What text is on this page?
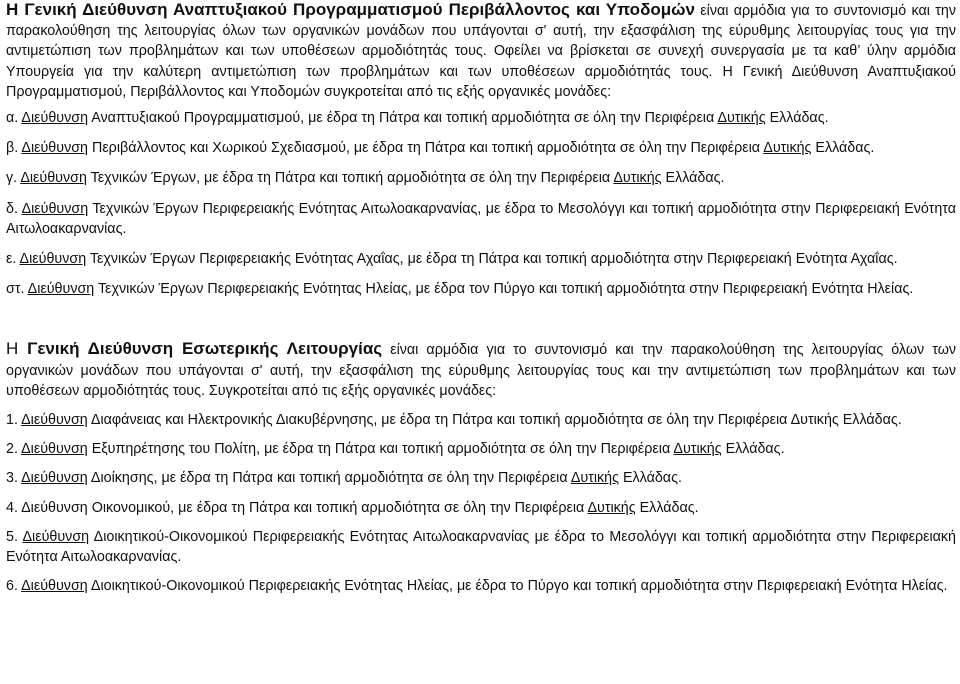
Η Γενική Διεύθυνση Αναπτυξιακού Προγραμματισμού Περιβάλλοντος και Υποδομών είναι αρμόδια για το συντονισμό και την παρακολούθηση της λειτουργίας όλων των οργανικών μονάδων που υπάγονται σ' αυτή, την εξασφάλιση της εύρυθμης λειτουργίας τους για την αντιμετώπιση των προβλημάτων και των υποθέσεων αρμοδιότητάς τους. Οφείλει να βρίσκεται σε συνεχή συνεργασία με τα καθ’ ύλην αρμόδια Υπουργεία για την καλύτερη αντιμετώπιση των προβλημάτων και των υποθέσεων αρμοδιότητάς τους. Η Γενική Διεύθυνση Αναπτυξιακού Προγραμματισμού, Περιβάλλοντος και Υποδομών συγκροτείται από τις εξής οργανικές μονάδες:

α. Διεύθυνση Αναπτυξιακού Προγραμματισμού, με έδρα τη Πάτρα και τοπική αρμοδιότητα σε όλη την Περιφέρεια Δυτικής Ελλάδας.

β. Διεύθυνση Περιβάλλοντος και Χωρικού Σχεδιασμού, με έδρα τη Πάτρα και τοπική αρμοδιότητα σε όλη την Περιφέρεια Δυτικής Ελλάδας.

γ. Διεύθυνση Τεχνικών Έργων, με έδρα τη Πάτρα και τοπική αρμοδιότητα σε όλη την Περιφέρεια Δυτικής Ελλάδας.

δ. Διεύθυνση Τεχνικών Έργων Περιφερειακής Ενότητας Αιτωλοακαρνανίας, με έδρα το Μεσολόγγι και τοπική αρμοδιότητα στην Περιφερειακή Ενότητα Αιτωλοακαρνανίας.

ε. Διεύθυνση Τεχνικών Έργων Περιφερειακής Ενότητας Αχαΐας, με έδρα τη Πάτρα και τοπική αρμοδιότητα στην Περιφερειακή Ενότητα Αχαΐας.

στ. Διεύθυνση Τεχνικών Έργων Περιφερειακής Ενότητας Ηλείας, με έδρα τον Πύργο και τοπική αρμοδιότητα στην Περιφερειακή Ενότητα Ηλείας.

Η Γενική Διεύθυνση Εσωτερικής Λειτουργίας είναι αρμόδια για το συντονισμό και την παρακολούθηση της λειτουργίας όλων των οργανικών μονάδων που υπάγονται σ' αυτή, την εξασφάλιση της εύρυθμης λειτουργίας τους και την αντιμετώπιση των προβλημάτων και των υποθέσεων αρμοδιότητάς τους. Συγκροτείται από τις εξής οργανικές μονάδες:

1. Διεύθυνση Διαφάνειας και Ηλεκτρονικής Διακυβέρνησης, με έδρα τη Πάτρα και τοπική αρμοδιότητα σε όλη την Περιφέρεια Δυτικής Ελλάδας.

2. Διεύθυνση Εξυπηρέτησης του Πολίτη, με έδρα τη Πάτρα και τοπική αρμοδιότητα σε όλη την Περιφέρεια Δυτικής Ελλάδας.

3. Διεύθυνση Διοίκησης, με έδρα τη Πάτρα και τοπική αρμοδιότητα σε όλη την Περιφέρεια Δυτικής Ελλάδας.

4. Διεύθυνση Οικονομικού, με έδρα τη Πάτρα και τοπική αρμοδιότητα σε όλη την Περιφέρεια Δυτικής Ελλάδας.

5. Διεύθυνση Διοικητικού-Οικονομικού Περιφερειακής Ενότητας Αιτωλοακαρνανίας με έδρα το Μεσολόγγι και τοπική αρμοδιότητα στην Περιφερειακή Ενότητα Αιτωλοακαρνανίας.

6. Διεύθυνση Διοικητικού-Οικονομικού Περιφερειακής Ενότητας Ηλείας, με έδρα το Πύργο και τοπική αρμοδιότητα στην Περιφερειακή Ενότητα Ηλείας.
